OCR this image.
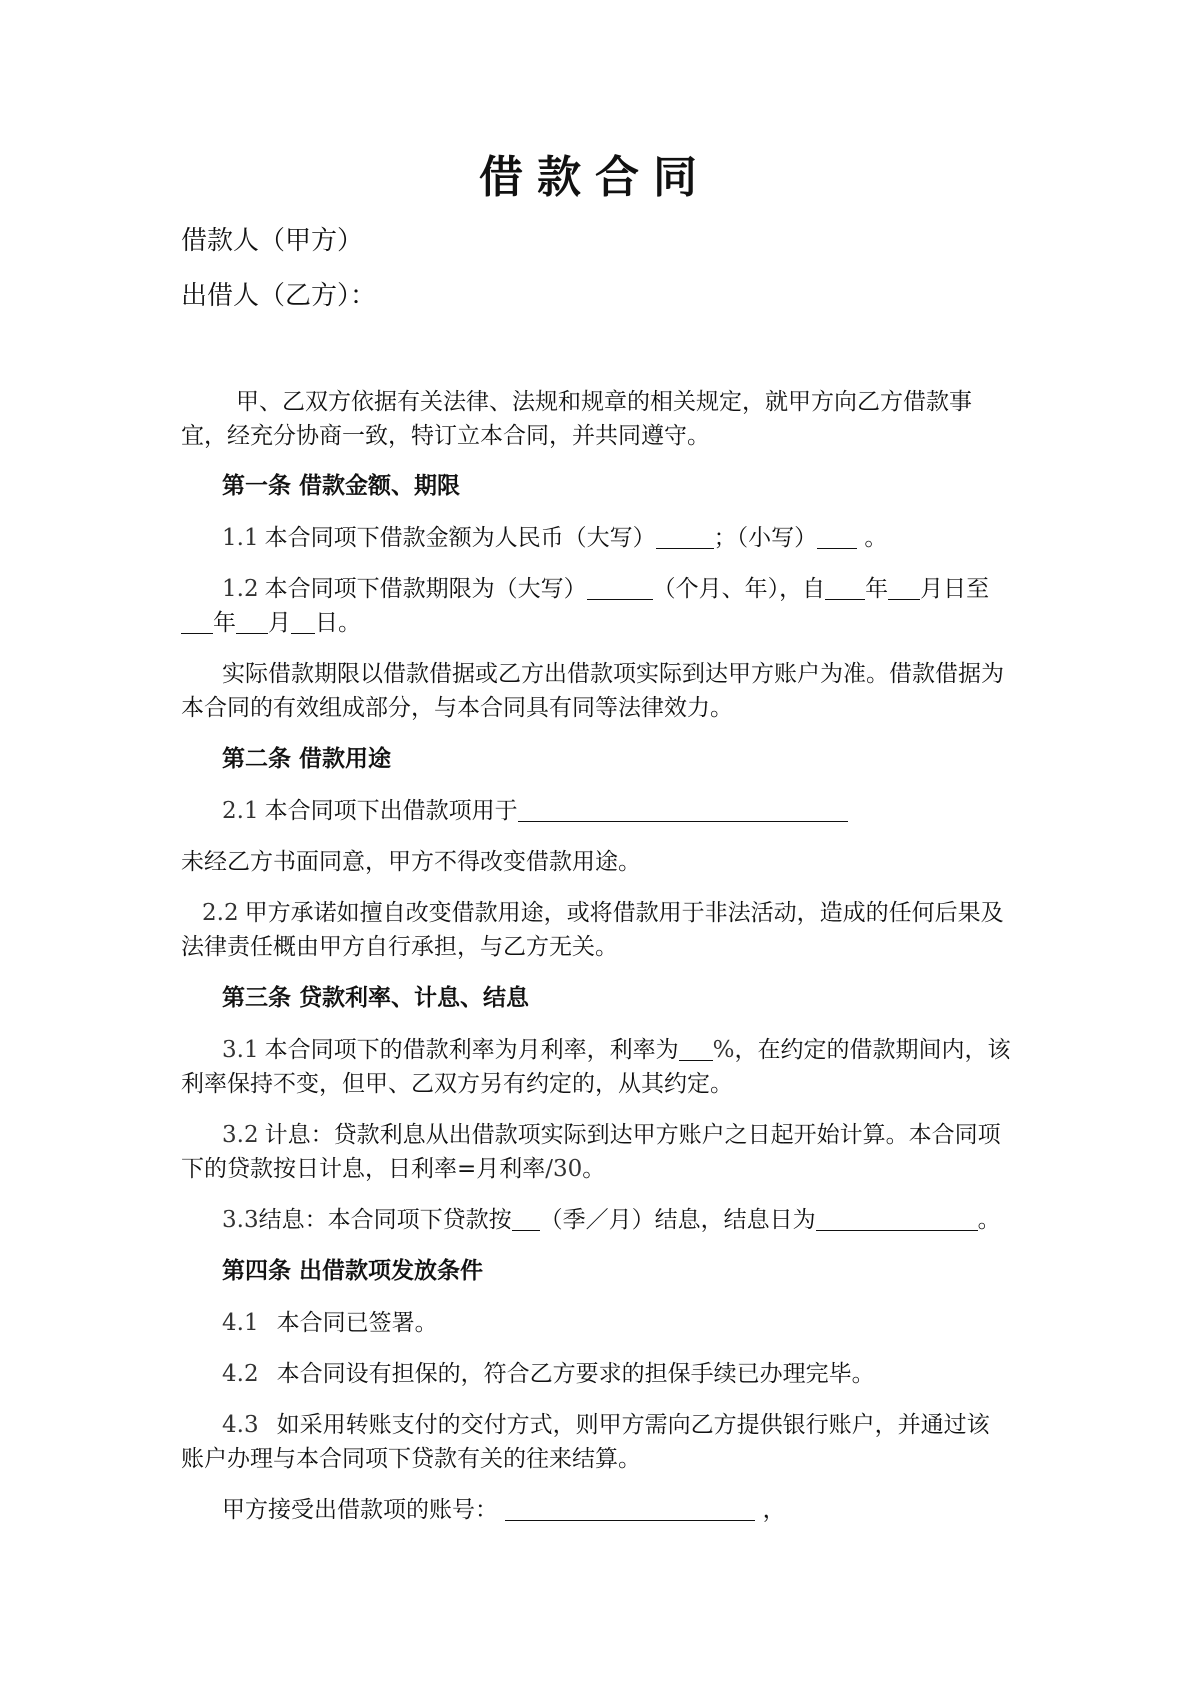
借款合同
借款人（甲方）
出借人（乙方）：

甲、乙双方依据有关法律、法规和规章的相关规定，就甲方向乙方借款事宜，经充分协商一致，特订立本合同，并共同遵守。

第一条 借款金额、期限

1.1 本合同项下借款金额为人民币（大写）	；（小写） 。

1.2 本合同项下借款期限为（大写）	（个月、年），自 年 月日至年 月 日。

实际借款期限以借款借据或乙方出借款项实际到达甲方账户为准。借款借据为本合同的有效组成部分，与本合同具有同等法律效力。

第二条 借款用途

2.1 本合同项下出借款项用于

未经乙方书面同意，甲方不得改变借款用途。

2.2 甲方承诺如擅自改变借款用途，或将借款用于非法活动，造成的任何后果及法律责任概由甲方自行承担，与乙方无关。

第三条 贷款利率、计息、结息

3.1 本合同项下的借款利率为月利率，利率为 %，在约定的借款期间内，该利率保持不变，但甲、乙双方另有约定的，从其约定。

3.2 计息：贷款利息从出借款项实际到达甲方账户之日起开始计算。本合同项下的贷款按日计息，日利率=月利率/30。

3.3结息：本合同项下贷款按 （季／月）结息，结息日为	。

第四条 出借款项发放条件

4.1 本合同已签署。

4.2 本合同设有担保的，符合乙方要求的担保手续已办理完毕。

4.3 如采用转账支付的交付方式，则甲方需向乙方提供银行账户，并通过该账户办理与本合同项下贷款有关的往来结算。

甲方接受出借款项的账号：	，
